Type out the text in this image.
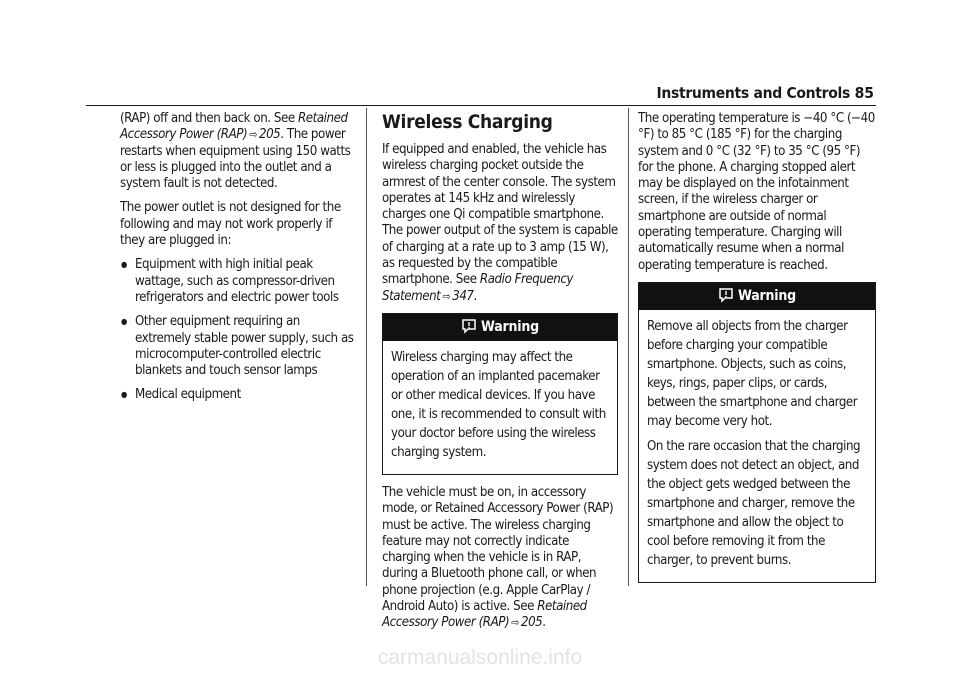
Instruments and Controls 85

(RAP) off and then back on. See Retained Accessory Power (RAP) ⇨ 205. The power restarts when equipment using 150 watts or less is plugged into the outlet and a system fault is not detected.

The power outlet is not designed for the following and may not work properly if they are plugged in:

● Equipment with high initial peak wattage, such as compressor-driven refrigerators and electric power tools
● Other equipment requiring an extremely stable power supply, such as microcomputer-controlled electric blankets and touch sensor lamps
● Medical equipment
Wireless Charging

If equipped and enabled, the vehicle has wireless charging pocket outside the armrest of the center console. The system operates at 145 kHz and wirelessly charges one Qi compatible smartphone. The power output of the system is capable of charging at a rate up to 3 amp (15 W), as requested by the compatible smartphone. See Radio Frequency Statement ⇨ 347.

Warning

Wireless charging may affect the operation of an implanted pacemaker or other medical devices. If you have one, it is recommended to consult with your doctor before using the wireless charging system.

The vehicle must be on, in accessory mode, or Retained Accessory Power (RAP) must be active. The wireless charging feature may not correctly indicate charging when the vehicle is in RAP, during a Bluetooth phone call, or when phone projection (e.g. Apple CarPlay / Android Auto) is active. See Retained Accessory Power (RAP) ⇨ 205.

The operating temperature is −40 °C (−40 °F) to 85 °C (185 °F) for the charging system and 0 °C (32 °F) to 35 °C (95 °F) for the phone. A charging stopped alert may be displayed on the infotainment screen, if the wireless charger or smartphone are outside of normal operating temperature. Charging will automatically resume when a normal operating temperature is reached.

Warning

Remove all objects from the charger before charging your compatible smartphone. Objects, such as coins, keys, rings, paper clips, or cards, between the smartphone and charger may become very hot.

On the rare occasion that the charging system does not detect an object, and the object gets wedged between the smartphone and charger, remove the smartphone and allow the object to cool before removing it from the charger, to prevent burns.

carmanualsonline.info
